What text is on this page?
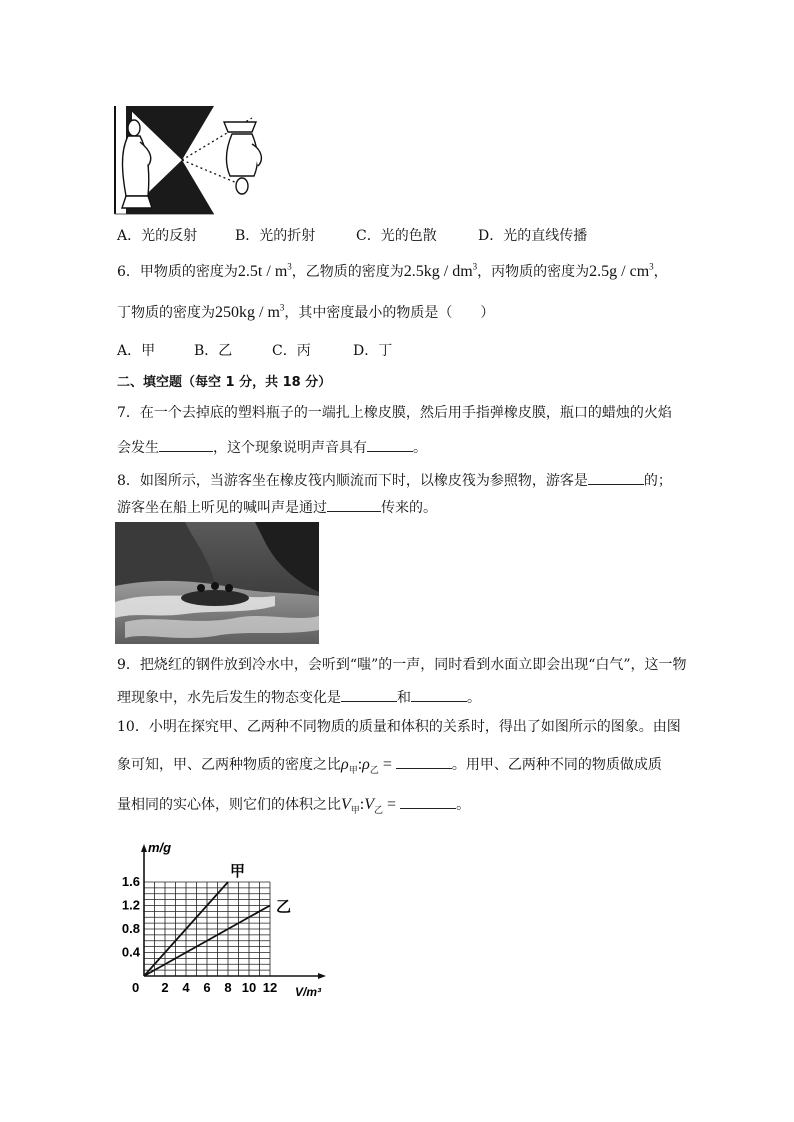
A．光的反射	B．光的折射	C．光的色散	D．光的直线传播
6．甲物质的密度为$2.5t / m^3$，乙物质的密度为$2.5kg / dm^3$，丙物质的密度为$2.5g / cm^3$，
丁物质的密度为$250kg / m^3$，其中密度最小的物质是（　　）
A．甲	B．乙	C．丙	D．丁
二、填空题（每空 1 分，共 18 分）
7．在一个去掉底的塑料瓶子的一端扎上橡皮膜，然后用手指弹橡皮膜，瓶口的蜡烛的火焰
会发生	，这个现象说明声音具有	。
8．如图所示，当游客坐在橡皮筏内顺流而下时，以橡皮筏为参照物，游客是	的；
游客坐在船上听见的喊叫声是通过	传来的。
9．把烧红的钢件放到冷水中，会听到“嗤”的一声，同时看到水面立即会出现“白气”，这一物
理现象中，水先后发生的物态变化是	和	。
10．小明在探究甲、乙两种不同物质的质量和体积的关系时，得出了如图所示的图象。由图
象可知，甲、乙两种物质的密度之比$\rho_甲:\rho_乙$ =	。用甲、乙两种不同的物质做成质
量相同的实心体，则它们的体积之比$V_甲:V_乙$ =	。
0 2 4 6 8 10 12
0.4
0.8
1.2
1.6
m/g
V/m³
甲
乙
